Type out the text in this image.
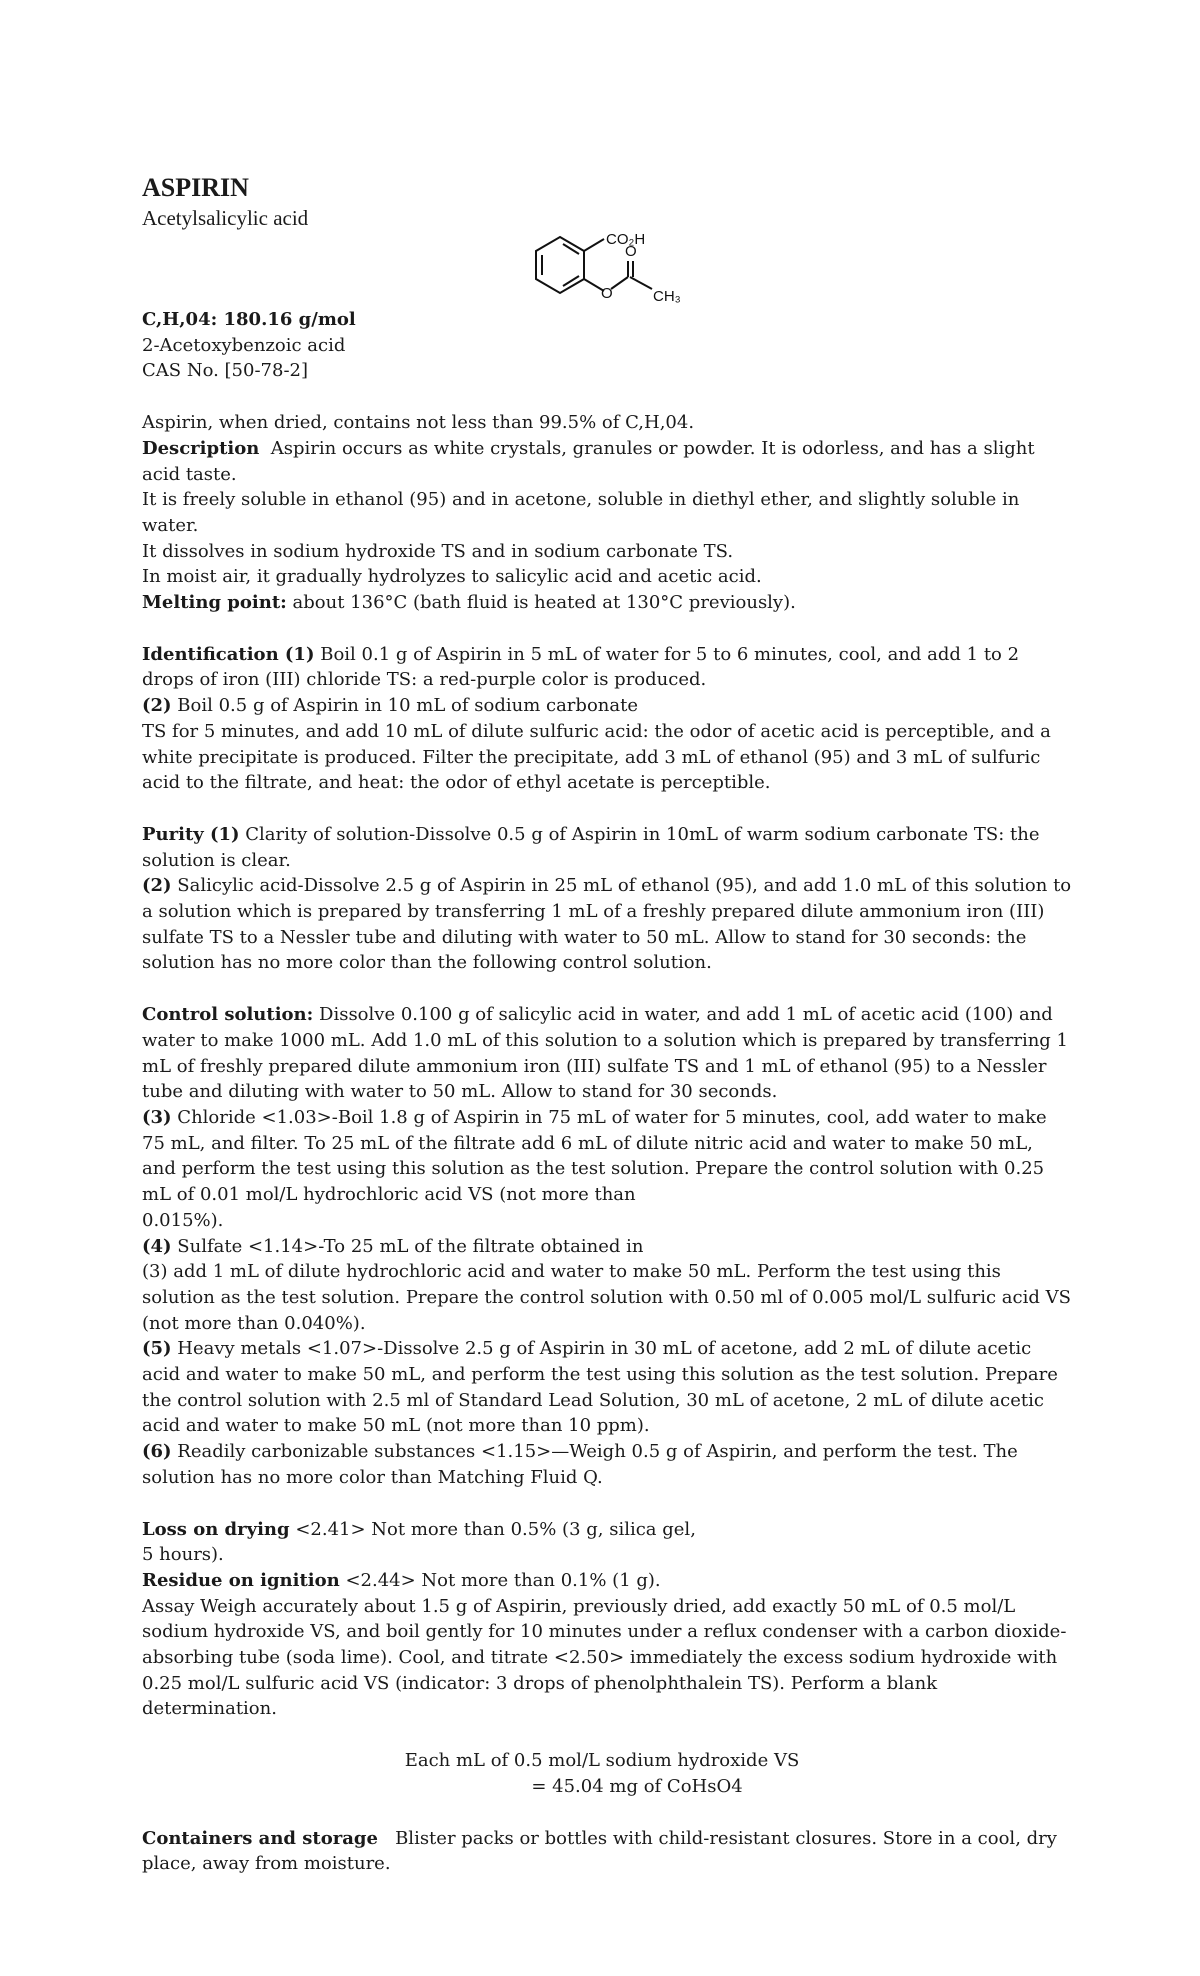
CO₂H
O
O	CH₃
ASPIRIN

Acetylsalicylic acid

C,H,04: 180.16 g/mol

2-Acetoxybenzoic acid

CAS No. [50-78-2]

Aspirin, when dried, contains not less than 99.5% of C,H,04.

Description Aspirin occurs as white crystals, granules or powder. It is odorless, and has a slight acid taste.

It is freely soluble in ethanol (95) and in acetone, soluble in diethyl ether, and slightly soluble in water.

It dissolves in sodium hydroxide TS and in sodium carbonate TS.

In moist air, it gradually hydrolyzes to salicylic acid and acetic acid.

Melting point: about 136°C (bath fluid is heated at 130°C previously).

Identification (1) Boil 0.1 g of Aspirin in 5 mL of water for 5 to 6 minutes, cool, and add 1 to 2 drops of iron (III) chloride TS: a red-purple color is produced.

(2) Boil 0.5 g of Aspirin in 10 mL of sodium carbonate

TS for 5 minutes, and add 10 mL of dilute sulfuric acid: the odor of acetic acid is perceptible, and a white precipitate is produced. Filter the precipitate, add 3 mL of ethanol (95) and 3 mL of sulfuric acid to the filtrate, and heat: the odor of ethyl acetate is perceptible.

Purity (1) Clarity of solution-Dissolve 0.5 g of Aspirin in 10mL of warm sodium carbonate TS: the solution is clear.

(2) Salicylic acid-Dissolve 2.5 g of Aspirin in 25 mL of ethanol (95), and add 1.0 mL of this solution to a solution which is prepared by transferring 1 mL of a freshly prepared dilute ammonium iron (III) sulfate TS to a Nessler tube and diluting with water to 50 mL. Allow to stand for 30 seconds: the solution has no more color than the following control solution.

Control solution: Dissolve 0.100 g of salicylic acid in water, and add 1 mL of acetic acid (100) and water to make 1000 mL. Add 1.0 mL of this solution to a solution which is prepared by transferring 1 mL of freshly prepared dilute ammonium iron (III) sulfate TS and 1 mL of ethanol (95) to a Nessler tube and diluting with water to 50 mL. Allow to stand for 30 seconds.

(3) Chloride <1.03>-Boil 1.8 g of Aspirin in 75 mL of water for 5 minutes, cool, add water to make 75 mL, and filter. To 25 mL of the filtrate add 6 mL of dilute nitric acid and water to make 50 mL, and perform the test using this solution as the test solution. Prepare the control solution with 0.25 mL of 0.01 mol/L hydrochloric acid VS (not more than

0.015%).

(4) Sulfate <1.14>-To 25 mL of the filtrate obtained in

(3) add 1 mL of dilute hydrochloric acid and water to make 50 mL. Perform the test using this solution as the test solution. Prepare the control solution with 0.50 ml of 0.005 mol/L sulfuric acid VS (not more than 0.040%).

(5) Heavy metals <1.07>-Dissolve 2.5 g of Aspirin in 30 mL of acetone, add 2 mL of dilute acetic acid and water to make 50 mL, and perform the test using this solution as the test solution. Prepare the control solution with 2.5 ml of Standard Lead Solution, 30 mL of acetone, 2 mL of dilute acetic acid and water to make 50 mL (not more than 10 ppm).

(6) Readily carbonizable substances <1.15>—Weigh 0.5 g of Aspirin, and perform the test. The solution has no more color than Matching Fluid Q.

Loss on drying <2.41> Not more than 0.5% (3 g, silica gel,

5 hours).

Residue on ignition <2.44> Not more than 0.1% (1 g).

Assay Weigh accurately about 1.5 g of Aspirin, previously dried, add exactly 50 mL of 0.5 mol/L sodium hydroxide VS, and boil gently for 10 minutes under a reflux condenser with a carbon dioxide-absorbing tube (soda lime). Cool, and titrate <2.50> immediately the excess sodium hydroxide with 0.25 mol/L sulfuric acid VS (indicator: 3 drops of phenolphthalein TS). Perform a blank determination.

Each mL of 0.5 mol/L sodium hydroxide VS

= 45.04 mg of CoHsO4

Containers and storage Blister packs or bottles with child-resistant closures. Store in a cool, dry place, away from moisture.
